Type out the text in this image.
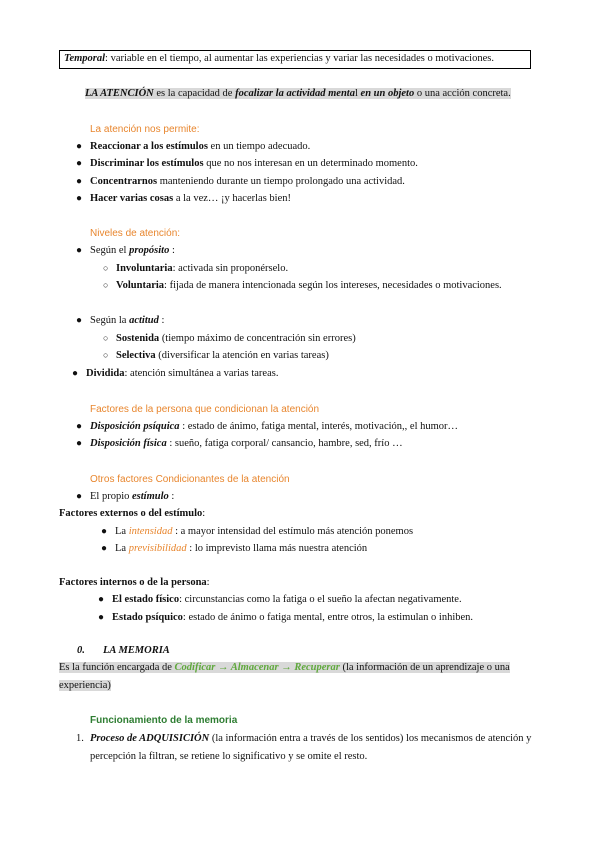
Temporal: variable en el tiempo, al aumentar las experiencias y variar las necesidades o motivaciones.
LA ATENCIÓN es la capacidad de focalizar la actividad mental en un objeto o una acción concreta.
La atención nos permite:
● Reaccionar a los estímulos en un tiempo adecuado.
● Discriminar los estímulos que no nos interesan en un determinado momento.
● Concentrarnos manteniendo durante un tiempo prolongado una actividad.
● Hacer varias cosas a la vez… ¡y hacerlas bien!
Niveles de atención:
● Según el propósito :
○ Involuntaria: activada sin proponérselo.
○ Voluntaria: fijada de manera intencionada según los intereses, necesidades o motivaciones.
● Según la actitud :
○ Sostenida (tiempo máximo de concentración sin errores)
○ Selectiva (diversificar la atención en varias tareas)
● Dividida: atención simultánea a varias tareas.
Factores de la persona que condicionan la atención
● Disposición psíquica : estado de ánimo, fatiga mental, interés, motivación,, el humor…
● Disposición física : sueño, fatiga corporal/ cansancio, hambre, sed, frío …
Otros factores Condicionantes de la atención
● El propio estímulo :
Factores externos o del estímulo:
● La intensidad : a mayor intensidad del estímulo más atención ponemos
● La previsibilidad : lo imprevisto llama más nuestra atención
Factores internos o de la persona:
● El estado físico: circunstancias como la fatiga o el sueño la afectan negativamente.
● Estado psíquico: estado de ánimo o fatiga mental, entre otros, la estimulan o inhiben.
0. LA MEMORIA
Es la función encargada de Codificar → Almacenar → Recuperar (la información de un aprendizaje o una
experiencia)
Funcionamiento de la memoria
1. Proceso de ADQUISICIÓN (la información entra a través de los sentidos) los mecanismos de atención y
percepción la filtran, se retiene lo significativo y se omite el resto.
